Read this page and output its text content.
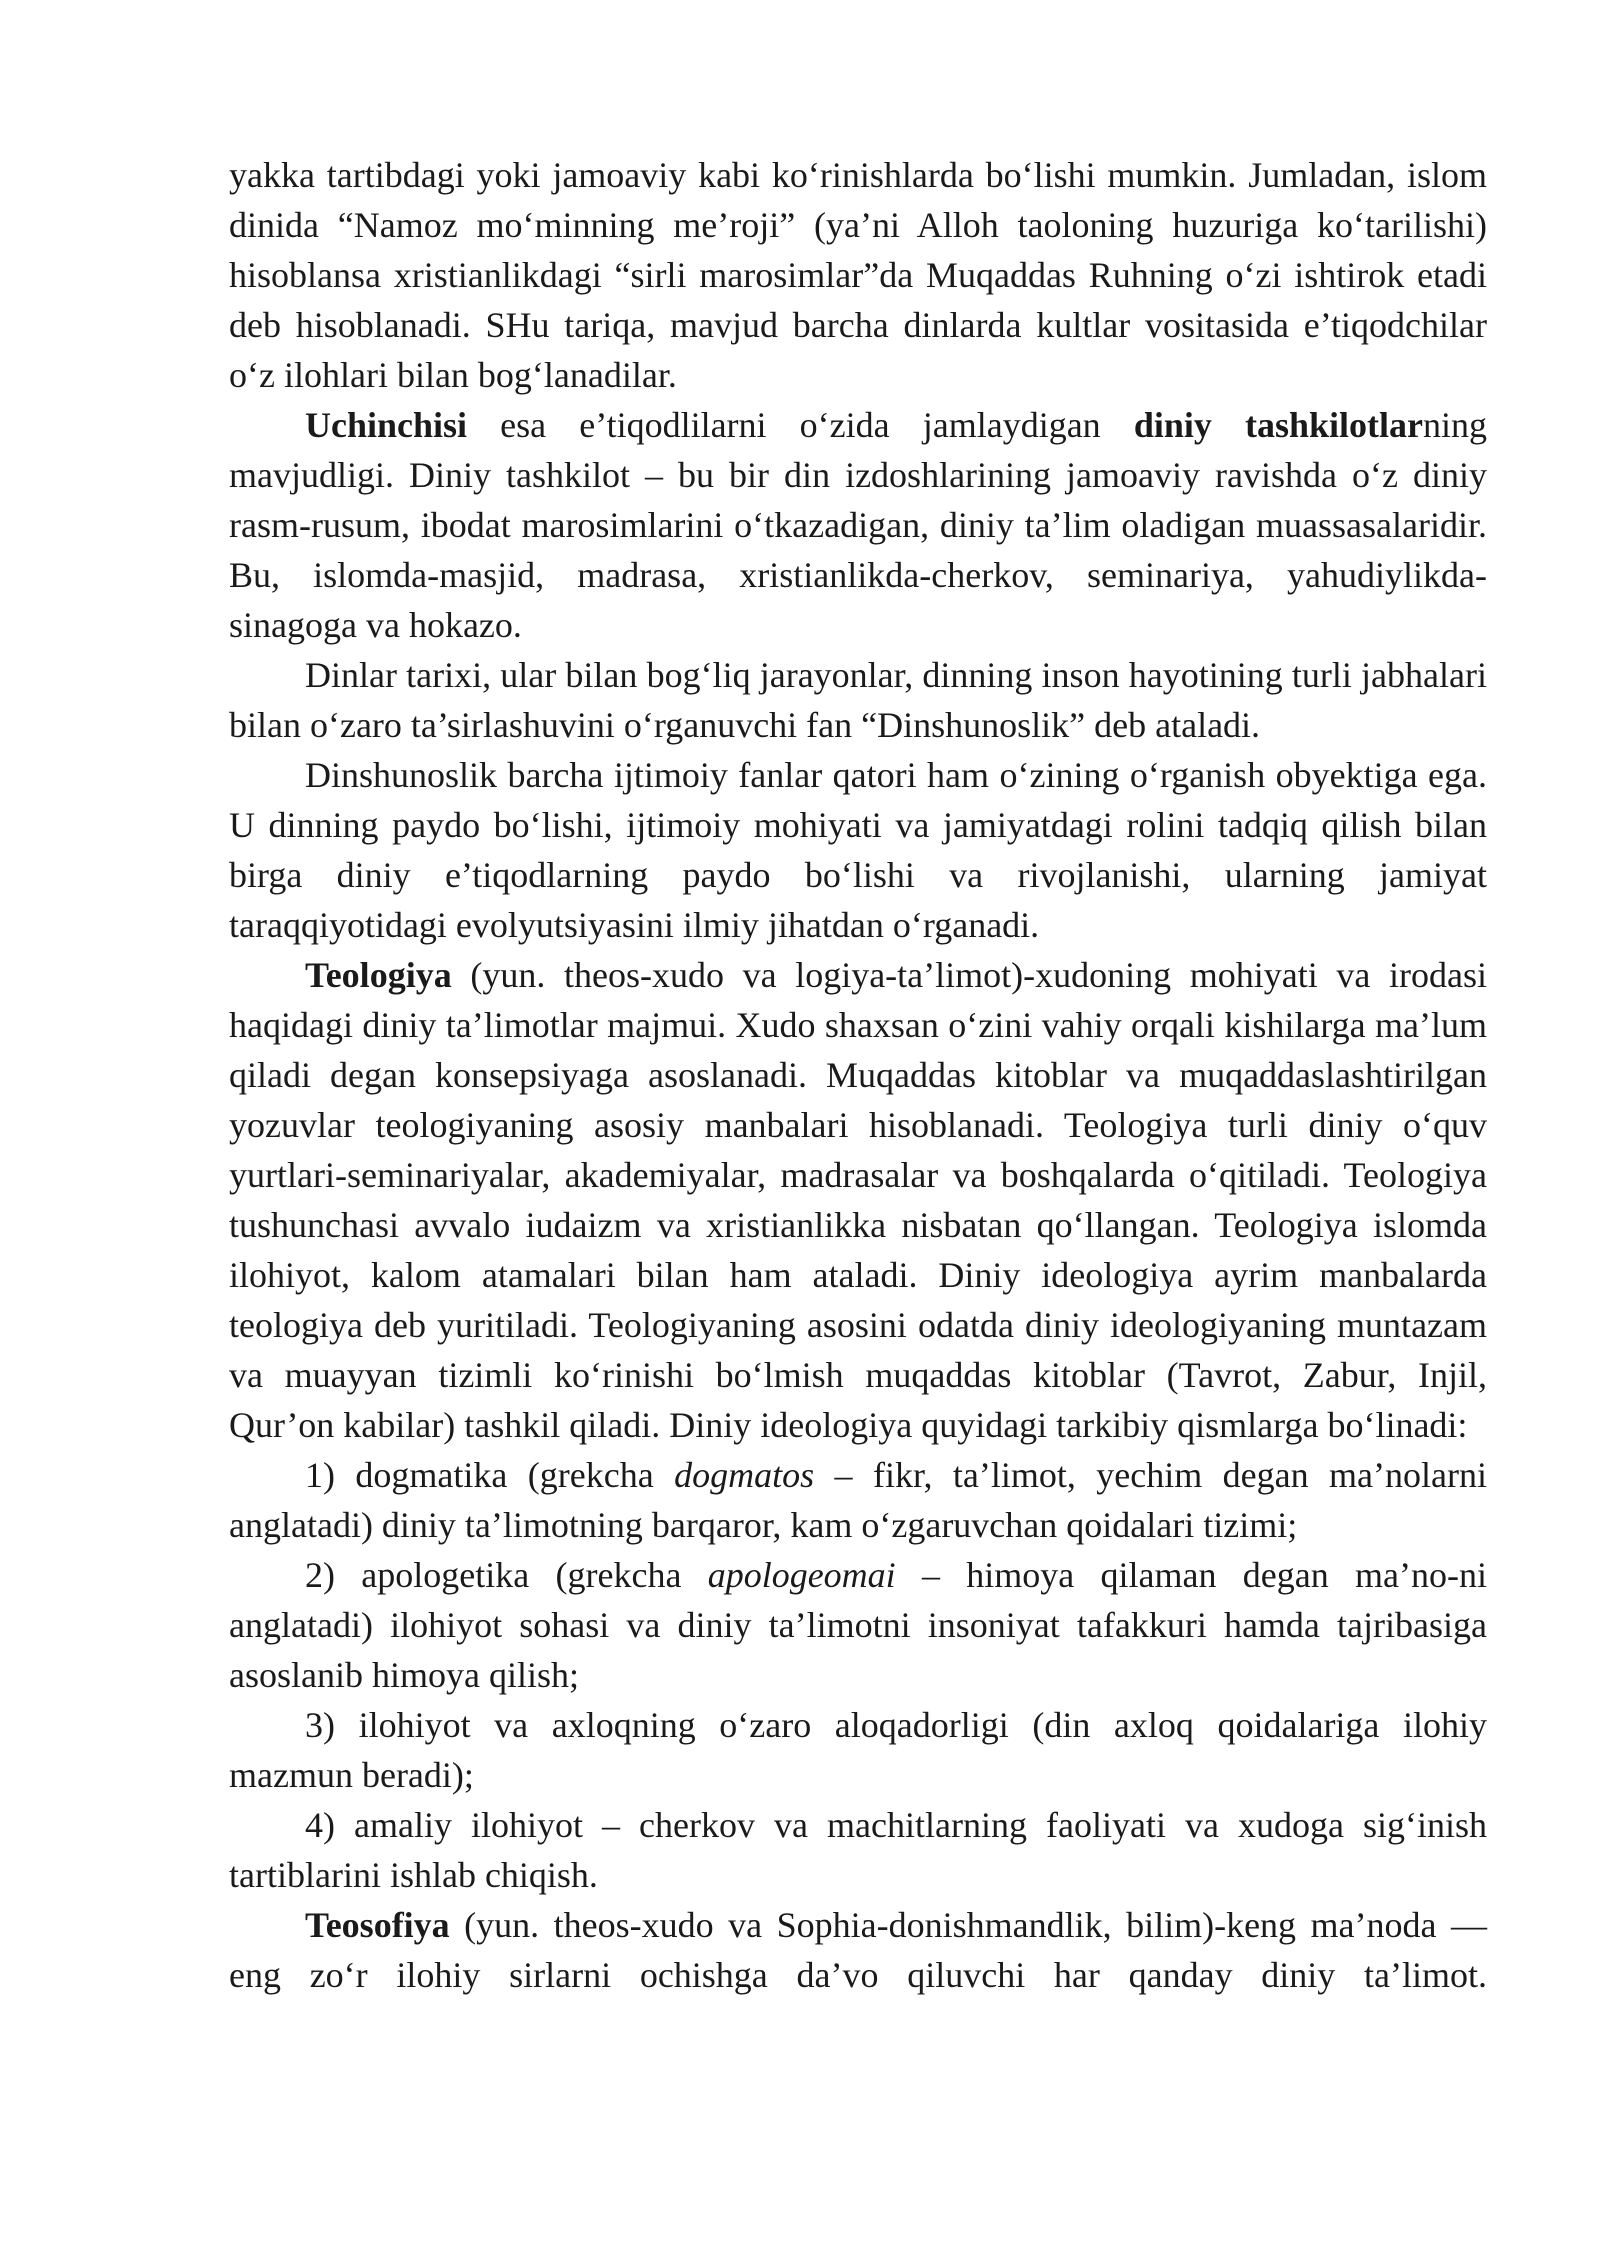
yakka tartibdagi yoki jamoaviy kabi ko‘rinishlarda bo‘lishi mumkin. Jumladan, islom dinida “Namoz mo‘minning me’roji” (ya’ni Alloh taoloning huzuriga ko‘tarilishi) hisoblansa xristianlikdagi “sirli marosimlar”da Muqaddas Ruhning o‘zi ishtirok etadi deb hisoblanadi. SHu tariqa, mavjud barcha dinlarda kultlar vositasida e’tiqodchilar o‘z ilohlari bilan bog‘lanadilar.

Uchinchisi esa e’tiqodlilarni o‘zida jamlaydigan diniy tashkilotlarning mavjudligi. Diniy tashkilot – bu bir din izdoshlarining jamoaviy ravishda o‘z diniy rasm-rusum, ibodat marosimlarini o‘tkazadigan, diniy ta’lim oladigan muassasalaridir. Bu, islomda-masjid, madrasa, xristianlikda-cherkov, seminariya, yahudiylikda-sinagoga va hokazo.

Dinlar tarixi, ular bilan bog‘liq jarayonlar, dinning inson hayotining turli jabhalari bilan o‘zaro ta’sirlashuvini o‘rganuvchi fan “Dinshunoslik” deb ataladi.

Dinshunoslik barcha ijtimoiy fanlar qatori ham o‘zining o‘rganish obyektiga ega. U dinning paydo bo‘lishi, ijtimoiy mohiyati va jamiyatdagi rolini tadqiq qilish bilan birga diniy e’tiqodlarning paydo bo‘lishi va rivojlanishi, ularning jamiyat taraqqiyotidagi evolyutsiyasini ilmiy jihatdan o‘rganadi.

Teologiya (yun. theos-xudo va logiya-ta’limot)-xudoning mohiyati va irodasi haqidagi diniy ta’limotlar majmui. Xudo shaxsan o‘zini vahiy orqali kishilarga ma’lum qiladi degan konsepsiyaga asoslanadi. Muqaddas kitoblar va muqaddaslashtirilgan yozuvlar teologiyaning asosiy manbalari hisoblanadi. Teologiya turli diniy o‘quv yurtlari-seminariyalar, akademiyalar, madrasalar va boshqalarda o‘qitiladi. Teologiya tushunchasi avvalo iudaizm va xristianlikka nisbatan qo‘llangan. Teologiya islomda ilohiyot, kalom atamalari bilan ham ataladi. Diniy ideologiya ayrim manbalarda teologiya deb yuritiladi. Teologiyaning asosini odatda diniy ideologiyaning muntazam va muayyan tizimli ko‘rinishi bo‘lmish muqaddas kitoblar (Tavrot, Zabur, Injil, Qur’on kabilar) tashkil qiladi. Diniy ideologiya quyidagi tarkibiy qismlarga bo‘linadi:

1) dogmatika (grekcha dogmatos – fikr, ta’limot, yechim degan ma’nolarni anglatadi) diniy ta’limotning barqaror, kam o‘zgaruvchan qoidalari tizimi;

2) apologetika (grekcha apologeomai – himoya qilaman degan ma’no-ni anglatadi) ilohiyot sohasi va diniy ta’limotni insoniyat tafakkuri hamda tajribasiga asoslanib himoya qilish;

3) ilohiyot va axloqning o‘zaro aloqadorligi (din axloq qoidalariga ilohiy mazmun beradi);

4) amaliy ilohiyot – cherkov va machitlarning faoliyati va xudoga sig‘inish tartiblarini ishlab chiqish.

Teosofiya (yun. theos-xudo va Sophia-donishmandlik, bilim)-keng ma’noda — eng zo‘r ilohiy sirlarni ochishga da’vo qiluvchi har qanday diniy ta’limot.
